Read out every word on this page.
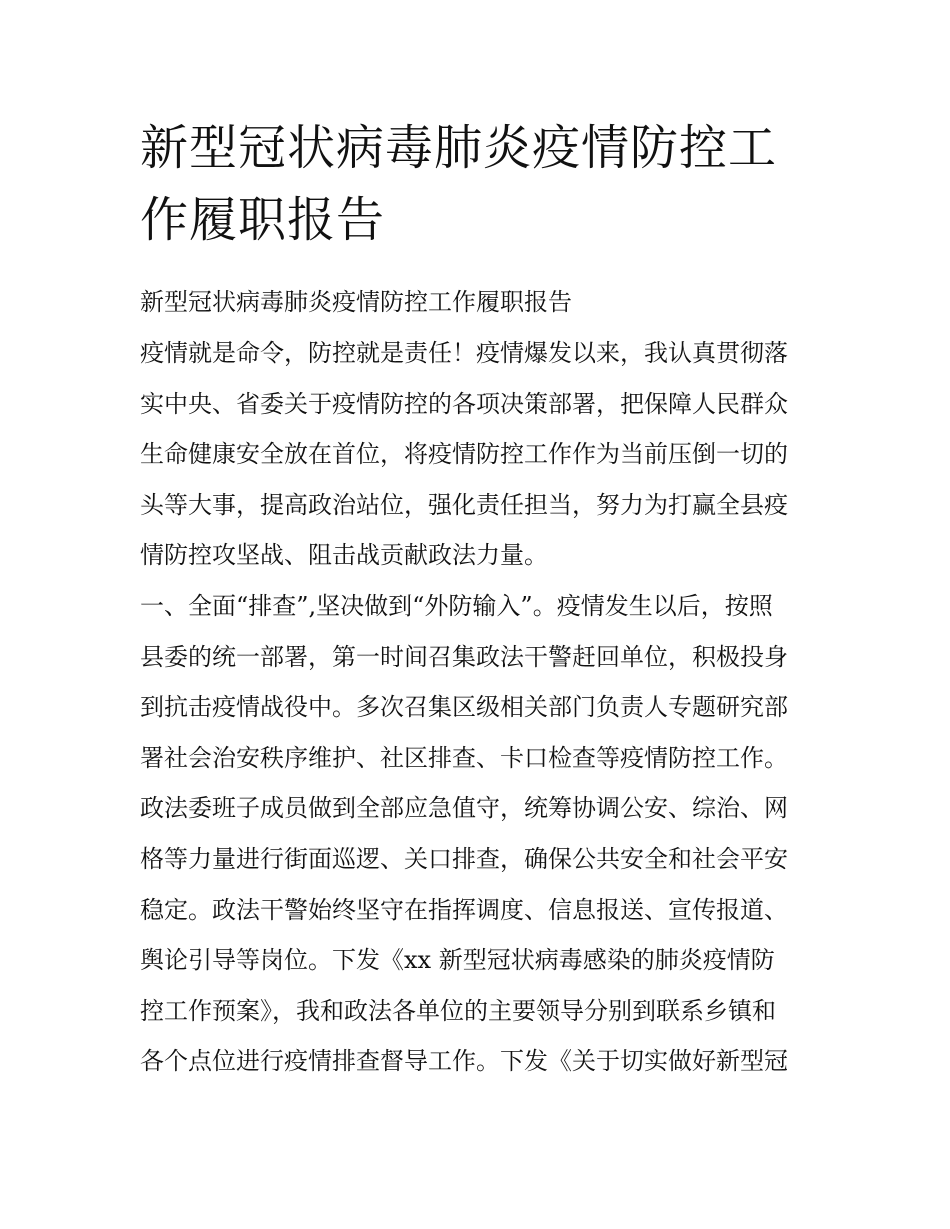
新型冠状病毒肺炎疫情防控工
作履职报告

新型冠状病毒肺炎疫情防控工作履职报告

疫情就是命令，防控就是责任！疫情爆发以来，我认真贯彻落

实中央、省委关于疫情防控的各项决策部署，把保障人民群众

生命健康安全放在首位，将疫情防控工作作为当前压倒一切的

头等大事，提高政治站位，强化责任担当，努力为打赢全县疫

情防控攻坚战、阻击战贡献政法力量。

一、全面“排查”,坚决做到“外防输入”。疫情发生以后，按照

县委的统一部署，第一时间召集政法干警赶回单位，积极投身

到抗击疫情战役中。多次召集区级相关部门负责人专题研究部

署社会治安秩序维护、社区排查、卡口检查等疫情防控工作。

政法委班子成员做到全部应急值守，统筹协调公安、综治、网

格等力量进行街面巡逻、关口排查，确保公共安全和社会平安

稳定。政法干警始终坚守在指挥调度、信息报送、宣传报道、

舆论引导等岗位。下发《xx 新型冠状病毒感染的肺炎疫情防

控工作预案》，我和政法各单位的主要领导分别到联系乡镇和

各个点位进行疫情排查督导工作。下发《关于切实做好新型冠
